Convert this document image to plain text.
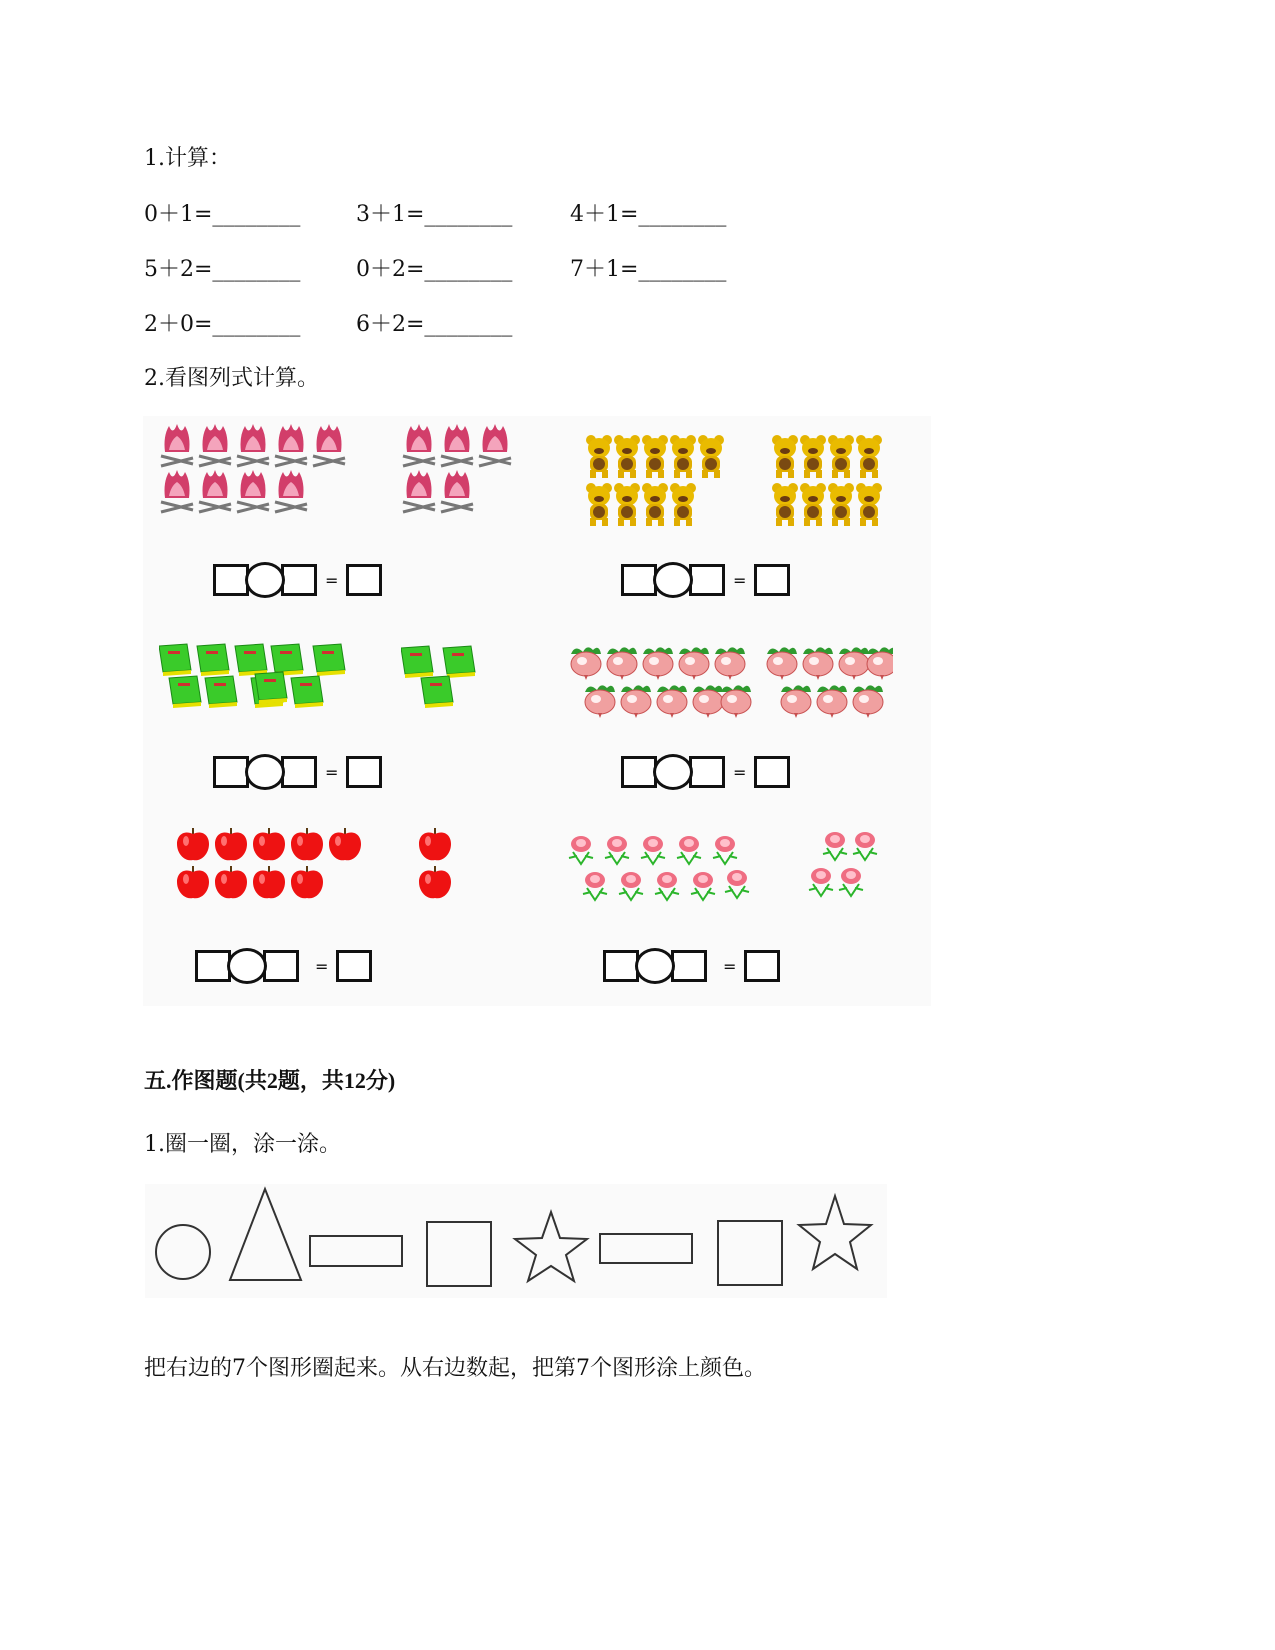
1.计算：
0＋1=________	3＋1=________	4＋1=________
5＋2=________	0＋2=________	7＋1=________
2＋0=________	6＋2=________
2.看图列式计算。
=	=
=	=
=	=
五.作图题(共2题，共12分)
1.圈一圈，涂一涂。
把右边的7个图形圈起来。从右边数起，把第7个图形涂上颜色。
